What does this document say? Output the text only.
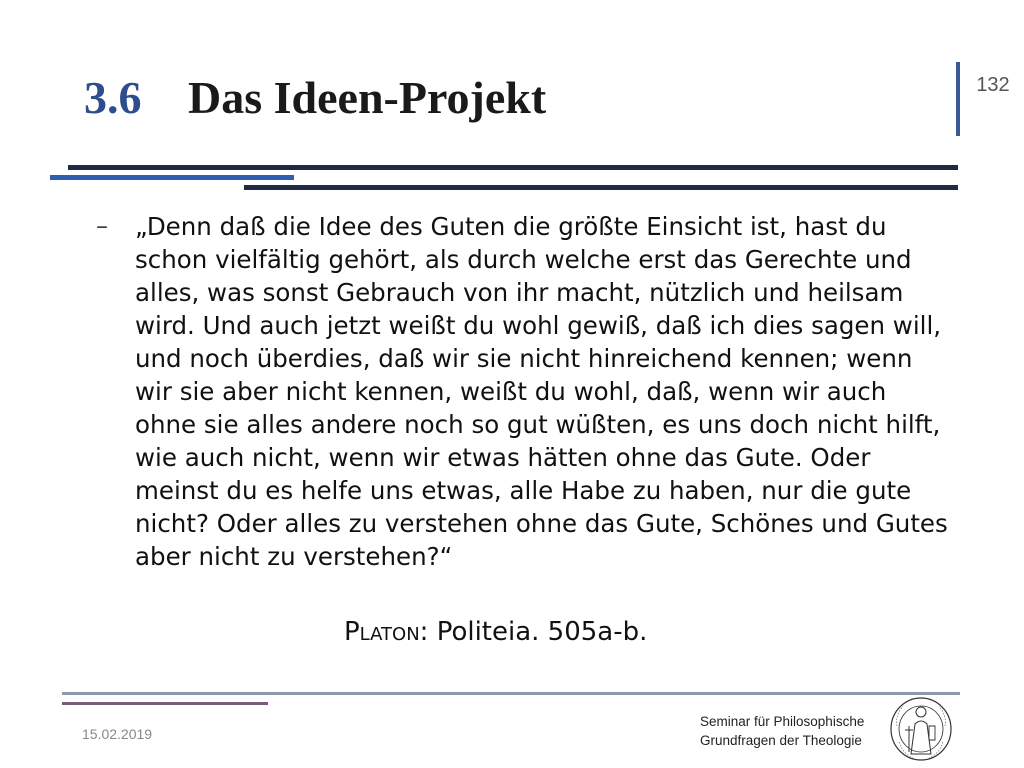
3.6 Das Ideen-Projekt	132
– „Denn daß die Idee des Guten die größte Einsicht ist, hast du schon vielfältig gehört, als durch welche erst das Gerechte und alles, was sonst Gebrauch von ihr macht, nützlich und heilsam wird. Und auch jetzt weißt du wohl gewiß, daß ich dies sagen will, und noch überdies, daß wir sie nicht hinreichend kennen; wenn wir sie aber nicht kennen, weißt du wohl, daß, wenn wir auch ohne sie alles andere noch so gut wüßten, es uns doch nicht hilft, wie auch nicht, wenn wir etwas hätten ohne das Gute. Oder meinst du es helfe uns etwas, alle Habe zu haben, nur die gute nicht? Oder alles zu verstehen ohne das Gute, Schönes und Gutes aber nicht zu verstehen?“

Platon: Politeia. 505a-b.
15.02.2019
Seminar für Philosophische
Grundfragen der Theologie
